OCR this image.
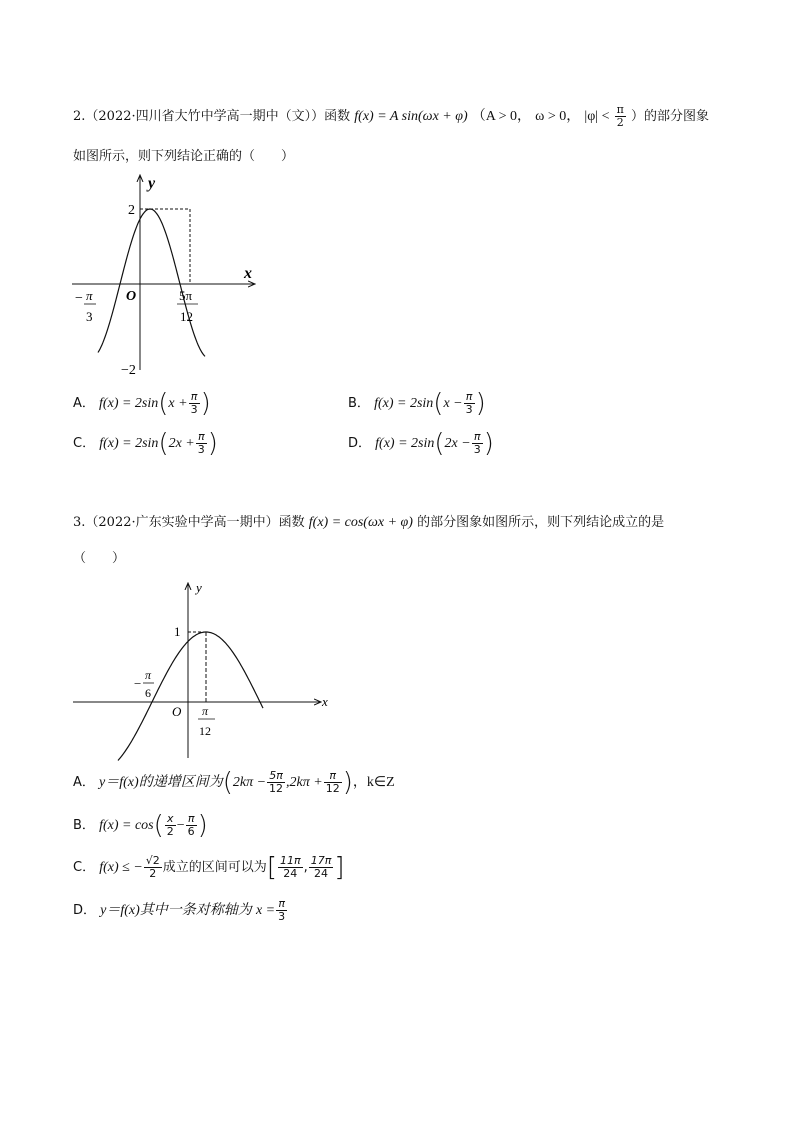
2.（2022·四川省大竹中学高一期中（文））函数 f(x) = A sin(ωx + φ) （A > 0， ω > 0， $|\varphi| < \frac{\pi}{2}$ ）的部分图象
如图所示，则下列结论正确的（　　）
y
x
O
2
−2
− π
3
5π
12
A． $f(x) = 2\sin(x + \frac{\pi}{3}$ )	B． $f(x) = 2\sin(x - \frac{\pi}{3}$ )
C． $f(x) = 2\sin(2x + \frac{\pi}{3}$ )	D． $f(x) = 2\sin(2x - \frac{\pi}{3}$ )
3.（2022·广东实验中学高一期中）函数 f(x) = cos(ωx + φ) 的部分图象如图所示，则下列结论成立的是
（　　）
y
x
O
1
−
π
6
π
12
A． y＝f(x)的递增区间为($2k\pi - \frac{5\pi}{12} ,2k\pi + \frac{\pi}{12}$ )，k∈Z
B． $f(x) = \cos( \frac{x}{2} - \frac{\pi}{6}$ )
C． f(x) ≤ − $\frac{√2}{2}$ 成立的区间可以为[ $\frac{11\pi}{24}$ , $\frac{17\pi}{24}$ ]
D． y＝f(x)其中一条对称轴为 $x = \frac{\pi}{3}$
